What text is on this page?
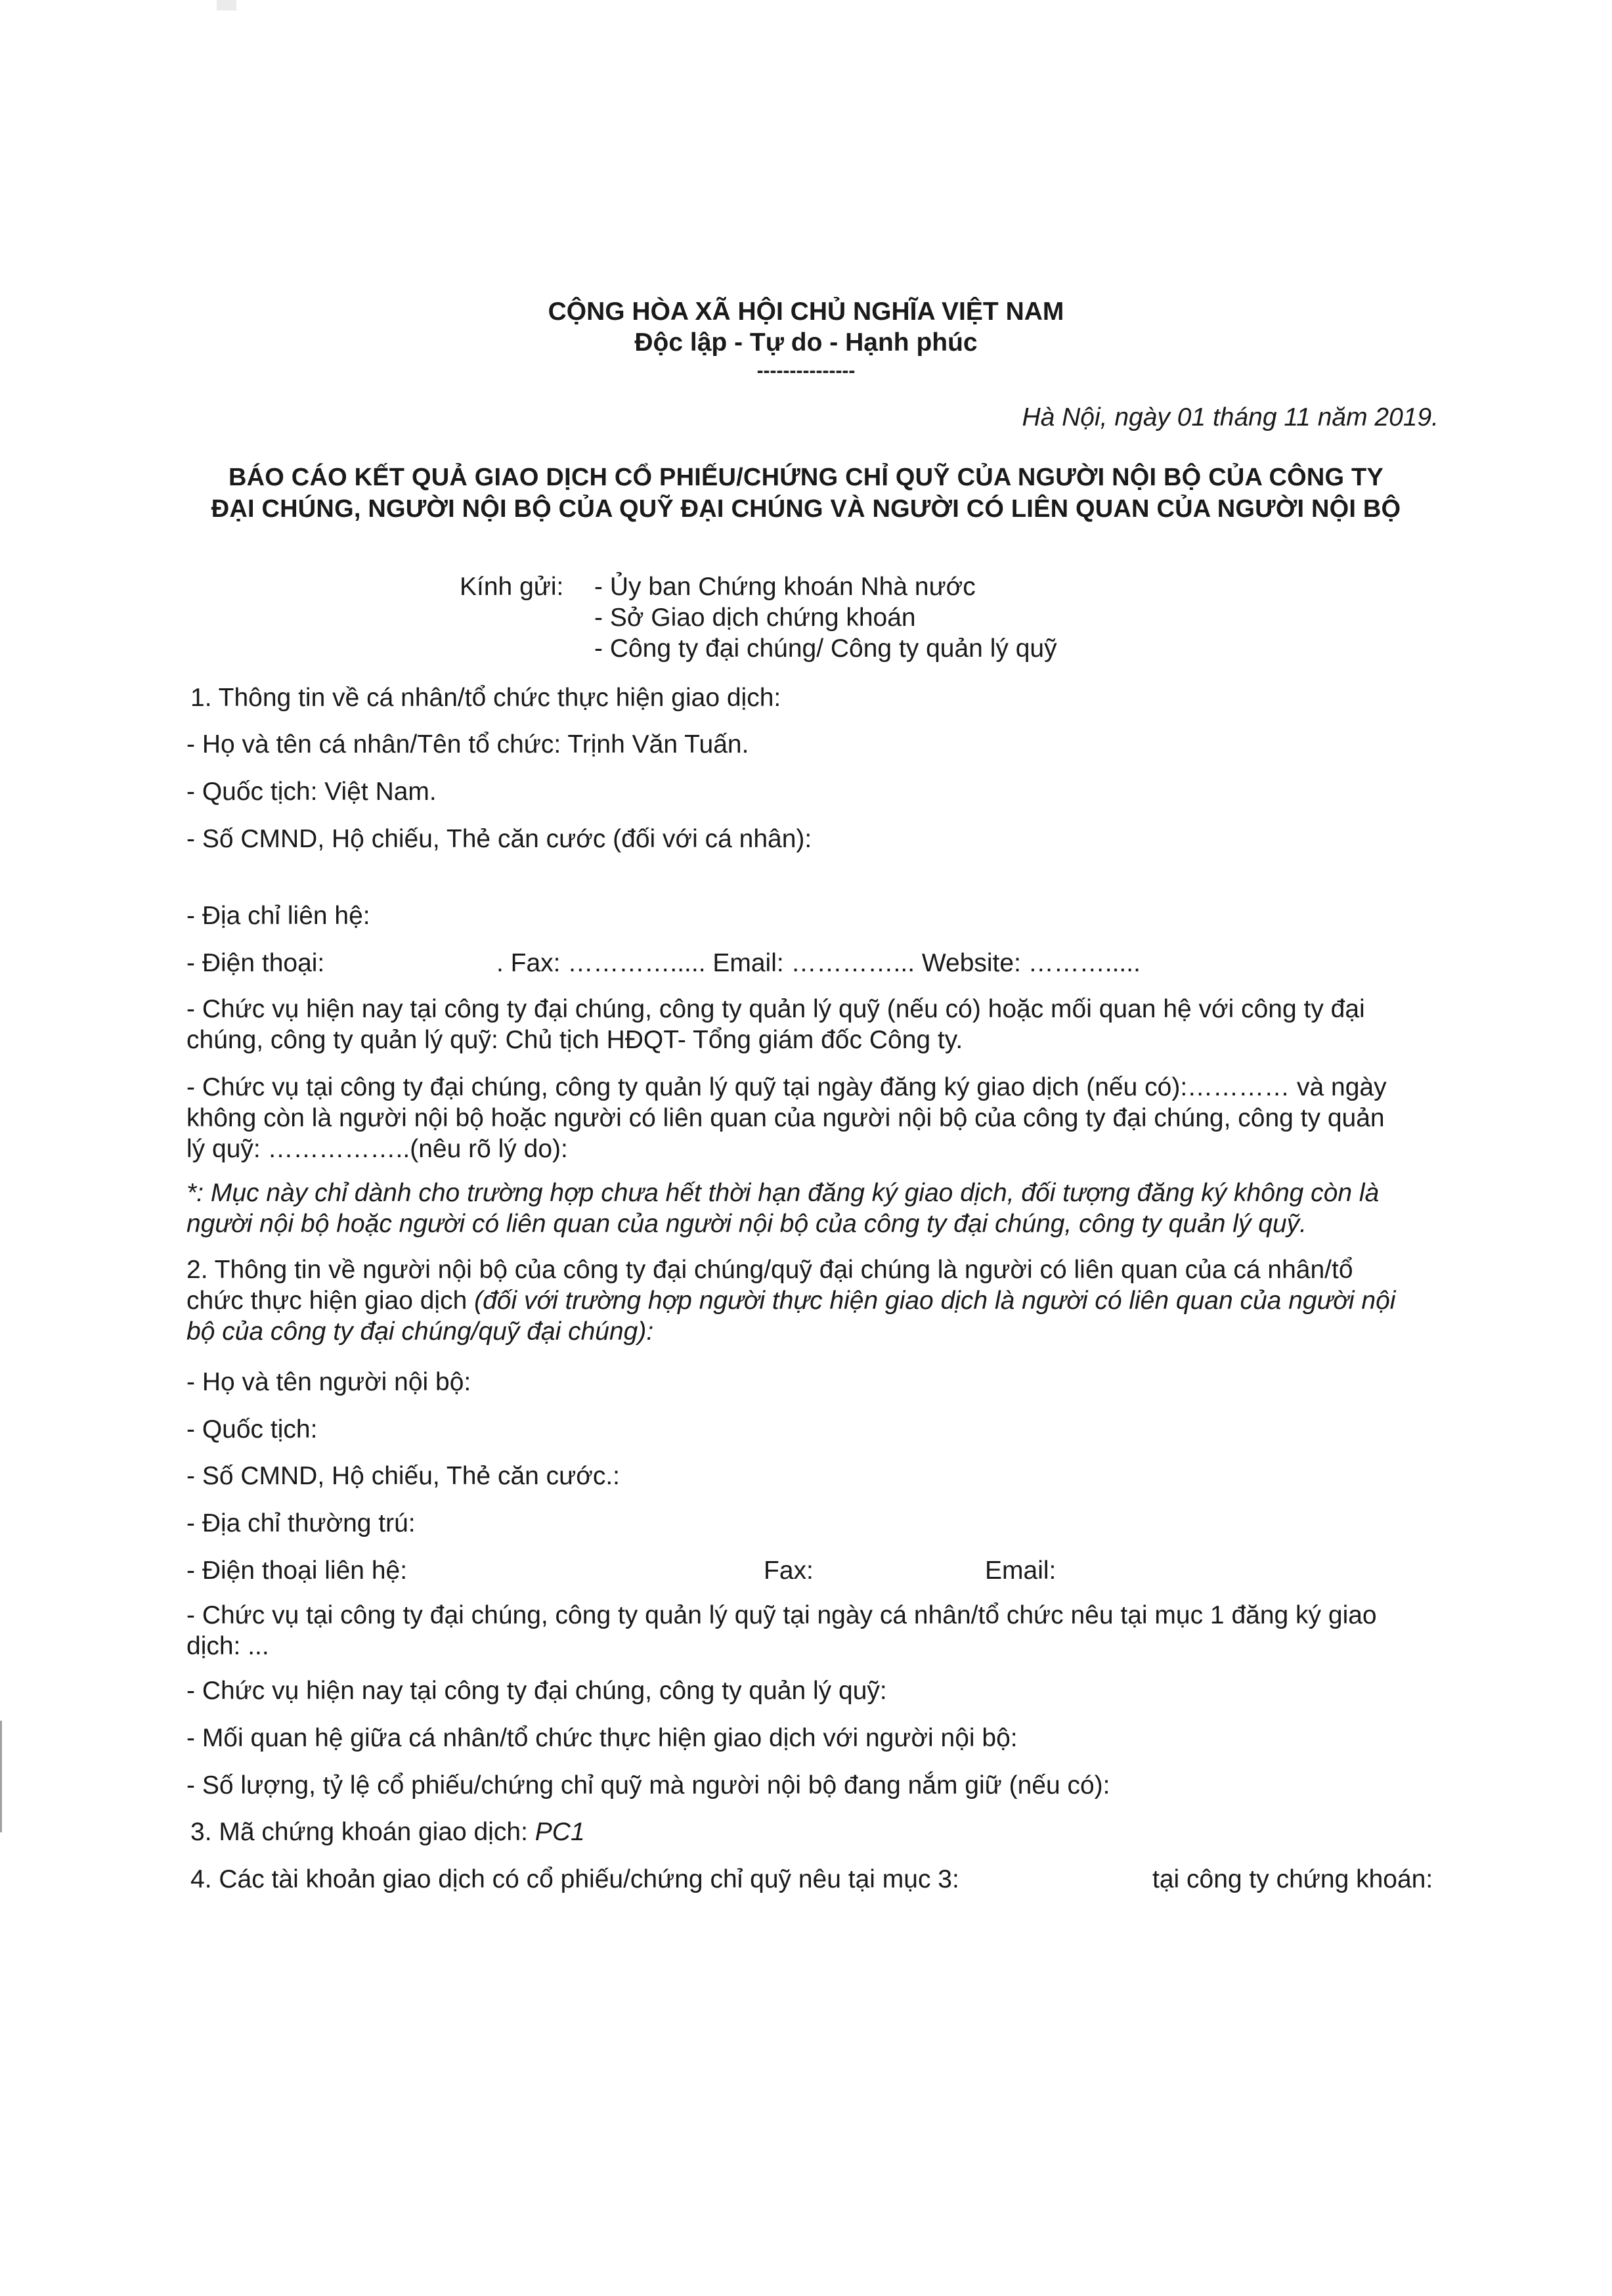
CỘNG HÒA XÃ HỘI CHỦ NGHĨA VIỆT NAM
Độc lập - Tự do - Hạnh phúc
---------------
Hà Nội, ngày 01 tháng 11 năm 2019.
BÁO CÁO KẾT QUẢ GIAO DỊCH CỔ PHIẾU/CHỨNG CHỈ QUỸ CỦA NGƯỜI NỘI BỘ CỦA CÔNG TY
ĐẠI CHÚNG, NGƯỜI NỘI BỘ CỦA QUỸ ĐẠI CHÚNG VÀ NGƯỜI CÓ LIÊN QUAN CỦA NGƯỜI NỘI BỘ
Kính gửi: - Ủy ban Chứng khoán Nhà nước
- Sở Giao dịch chứng khoán
- Công ty đại chúng/ Công ty quản lý quỹ
1. Thông tin về cá nhân/tổ chức thực hiện giao dịch:
- Họ và tên cá nhân/Tên tổ chức: Trịnh Văn Tuấn.
- Quốc tịch: Việt Nam.
- Số CMND, Hộ chiếu, Thẻ căn cước (đối với cá nhân):
- Địa chỉ liên hệ:
- Điện thoại:	. Fax: …………..... Email: …………... Website: ……….....
- Chức vụ hiện nay tại công ty đại chúng, công ty quản lý quỹ (nếu có) hoặc mối quan hệ với công ty đại
chúng, công ty quản lý quỹ: Chủ tịch HĐQT- Tổng giám đốc Công ty.
- Chức vụ tại công ty đại chúng, công ty quản lý quỹ tại ngày đăng ký giao dịch (nếu có):………… và ngày
không còn là người nội bộ hoặc người có liên quan của người nội bộ của công ty đại chúng, công ty quản
lý quỹ: ……………..(nêu rõ lý do):
*: Mục này chỉ dành cho trường hợp chưa hết thời hạn đăng ký giao dịch, đối tượng đăng ký không còn là
người nội bộ hoặc người có liên quan của người nội bộ của công ty đại chúng, công ty quản lý quỹ.
2. Thông tin về người nội bộ của công ty đại chúng/quỹ đại chúng là người có liên quan của cá nhân/tổ
chức thực hiện giao dịch (đối với trường hợp người thực hiện giao dịch là người có liên quan của người nội
bộ của công ty đại chúng/quỹ đại chúng):
- Họ và tên người nội bộ:
- Quốc tịch:
- Số CMND, Hộ chiếu, Thẻ căn cước.:
- Địa chỉ thường trú:
- Điện thoại liên hệ:	Fax:	Email:
- Chức vụ tại công ty đại chúng, công ty quản lý quỹ tại ngày cá nhân/tổ chức nêu tại mục 1 đăng ký giao
dịch: ...
- Chức vụ hiện nay tại công ty đại chúng, công ty quản lý quỹ:
- Mối quan hệ giữa cá nhân/tổ chức thực hiện giao dịch với người nội bộ:
- Số lượng, tỷ lệ cổ phiếu/chứng chỉ quỹ mà người nội bộ đang nắm giữ (nếu có):
3. Mã chứng khoán giao dịch: PC1
4. Các tài khoản giao dịch có cổ phiếu/chứng chỉ quỹ nêu tại mục 3:	tại công ty chứng khoán:
